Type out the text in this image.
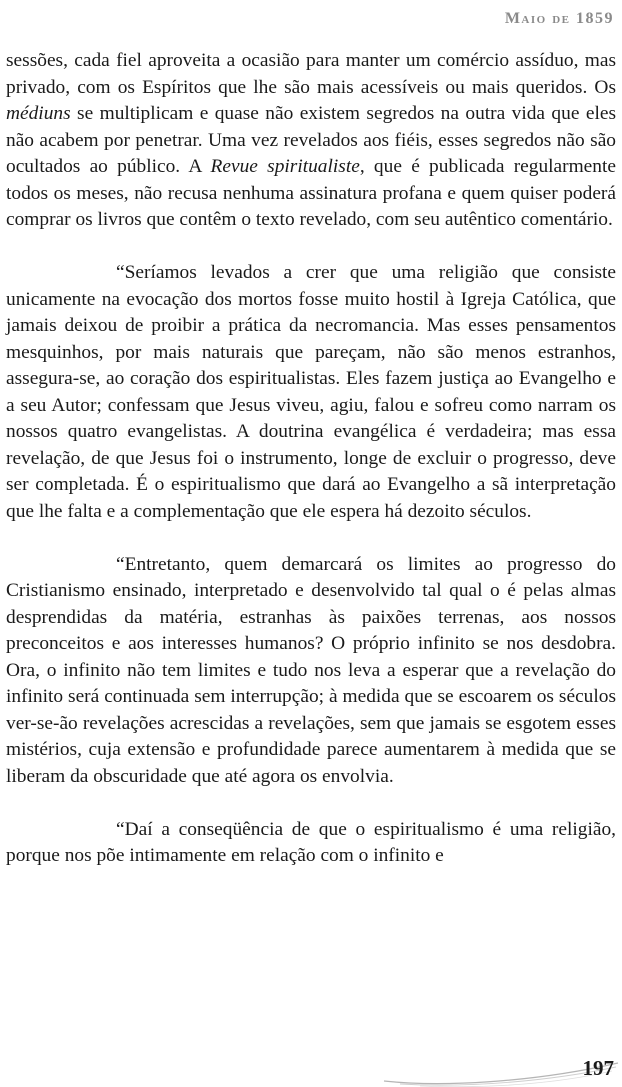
Maio de 1859

sessões, cada fiel aproveita a ocasião para manter um comércio assíduo, mas privado, com os Espíritos que lhe são mais acessíveis ou mais queridos. Os médiuns se multiplicam e quase não existem segredos na outra vida que eles não acabem por penetrar. Uma vez revelados aos fiéis, esses segredos não são ocultados ao público. A Revue spiritualiste, que é publicada regularmente todos os meses, não recusa nenhuma assinatura profana e quem quiser poderá comprar os livros que contêm o texto revelado, com seu autêntico comentário.

“Seríamos levados a crer que uma religião que consiste unicamente na evocação dos mortos fosse muito hostil à Igreja Católica, que jamais deixou de proibir a prática da necromancia. Mas esses pensamentos mesquinhos, por mais naturais que pareçam, não são menos estranhos, assegura-se, ao coração dos espiritualistas. Eles fazem justiça ao Evangelho e a seu Autor; confessam que Jesus viveu, agiu, falou e sofreu como narram os nossos quatro evangelistas. A doutrina evangélica é verdadeira; mas essa revelação, de que Jesus foi o instrumento, longe de excluir o progresso, deve ser completada. É o espiritualismo que dará ao Evangelho a sã interpretação que lhe falta e a complementação que ele espera há dezoito séculos.

“Entretanto, quem demarcará os limites ao progresso do Cristianismo ensinado, interpretado e desenvolvido tal qual o é pelas almas desprendidas da matéria, estranhas às paixões terrenas, aos nossos preconceitos e aos interesses humanos? O próprio infinito se nos desdobra. Ora, o infinito não tem limites e tudo nos leva a esperar que a revelação do infinito será continuada sem interrupção; à medida que se escoarem os séculos ver-se-ão revelações acrescidas a revelações, sem que jamais se esgotem esses mistérios, cuja extensão e profundidade parece aumentarem à medida que se liberam da obscuridade que até agora os envolvia.

“Daí a conseqüência de que o espiritualismo é uma religião, porque nos põe intimamente em relação com o infinito e

197
